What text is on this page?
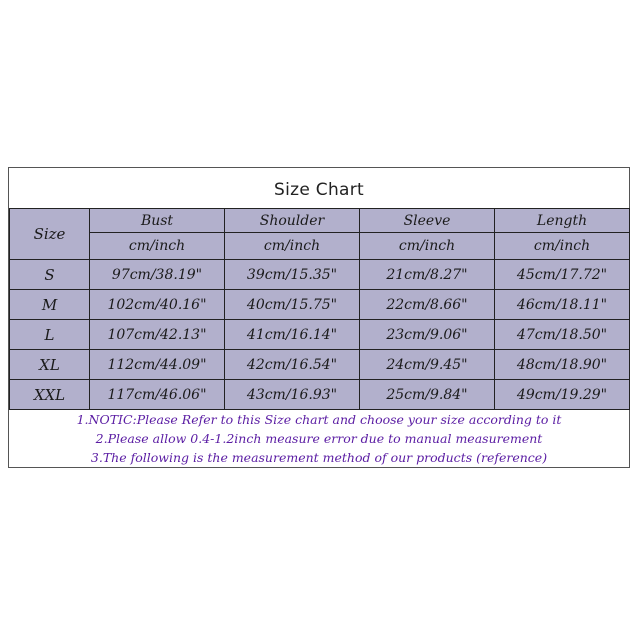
Size Chart
Size	Bust	Shoulder	Sleeve	Length
	cm/inch	cm/inch	cm/inch	cm/inch
S	97cm/38.19"	39cm/15.35"	21cm/8.27"	45cm/17.72"
M	102cm/40.16"	40cm/15.75"	22cm/8.66"	46cm/18.11"
L	107cm/42.13"	41cm/16.14"	23cm/9.06"	47cm/18.50"
XL	112cm/44.09"	42cm/16.54"	24cm/9.45"	48cm/18.90"
XXL	117cm/46.06"	43cm/16.93"	25cm/9.84"	49cm/19.29"
1.NOTIC:Please Refer to this Size chart and choose your size according to it
2.Please allow 0.4-1.2inch measure error due to manual measurement
3.The following is the measurement method of our products (reference)
